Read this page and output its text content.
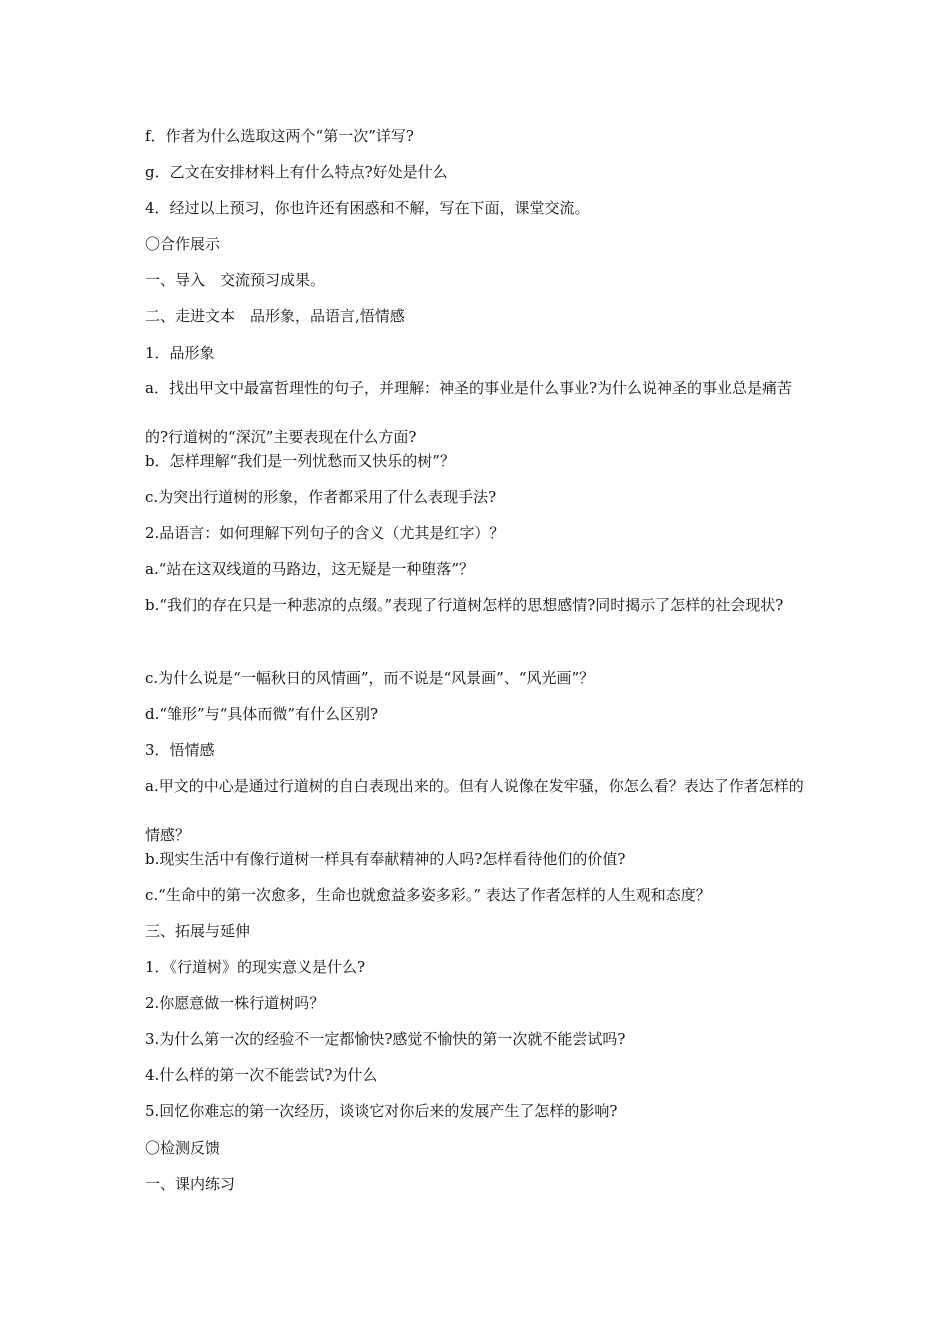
f．作者为什么选取这两个“第一次”详写?
g．乙文在安排材料上有什么特点?好处是什么
4．经过以上预习，你也许还有困惑和不解，写在下面，课堂交流。
〇合作展示
一、导入　交流预习成果。
二、走进文本　品形象，品语言,悟情感
1．品形象
a．找出甲文中最富哲理性的句子，并理解：神圣的事业是什么事业?为什么说神圣的事业总是痛苦的?行道树的“深沉”主要表现在什么方面?
b．怎样理解“我们是一列忧愁而又快乐的树”？
c.为突出行道树的形象，作者都采用了什么表现手法?
2.品语言：如何理解下列句子的含义（尤其是红字）？
a.“站在这双线道的马路边，这无疑是一种堕落”？
b.“我们的存在只是一种悲凉的点缀。”表现了行道树怎样的思想感情?同时揭示了怎样的社会现状?
c.为什么说是“一幅秋日的风情画”，而不说是“风景画”、“风光画”？
d.“雏形”与“具体而微”有什么区别?
3．悟情感
a.甲文的中心是通过行道树的自白表现出来的。但有人说像在发牢骚，你怎么看？表达了作者怎样的情感？
b.现实生活中有像行道树一样具有奉献精神的人吗?怎样看待他们的价值?
c.“生命中的第一次愈多，生命也就愈益多姿多彩。” 表达了作者怎样的人生观和态度？
三、拓展与延伸
1．《行道树》的现实意义是什么?
2.你愿意做一株行道树吗？
3.为什么第一次的经验不一定都愉快?感觉不愉快的第一次就不能尝试吗?
4.什么样的第一次不能尝试?为什么
5.回忆你难忘的第一次经历，谈谈它对你后来的发展产生了怎样的影响?
〇检测反馈
一、课内练习
